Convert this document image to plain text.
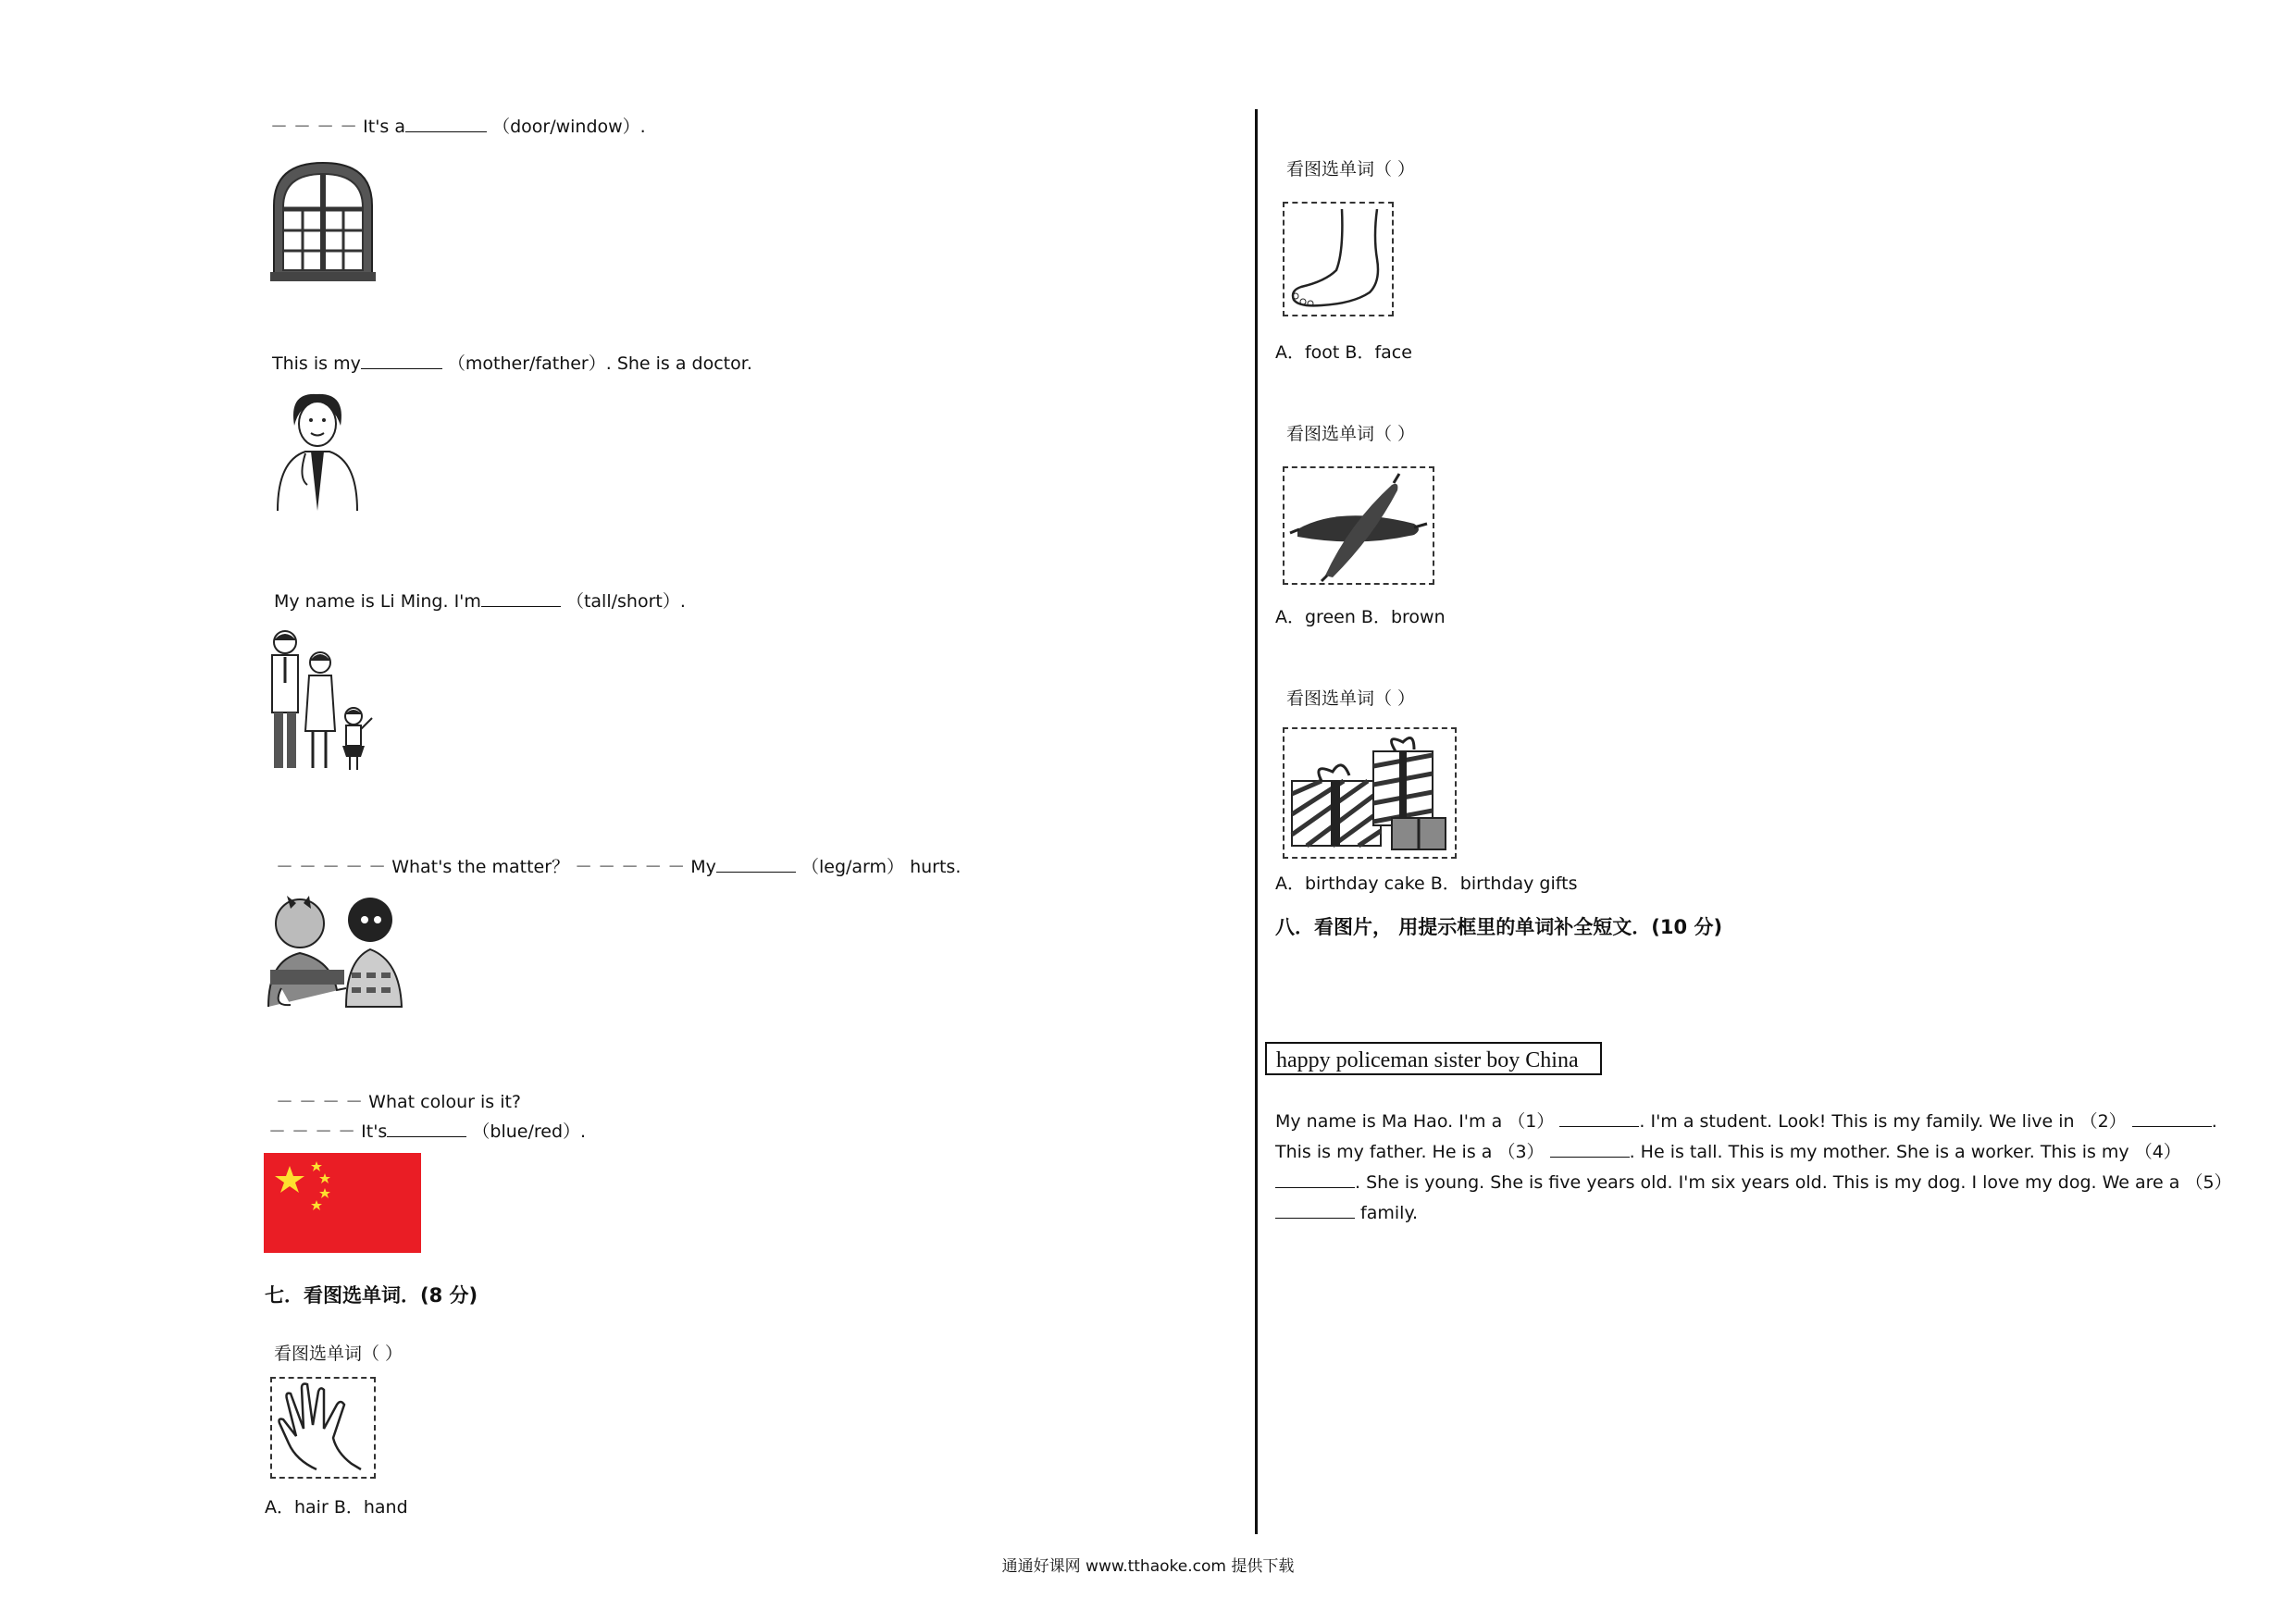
－ － － － It's a	（door/window）.
This is my	（mother/father）. She is a doctor.
My name is Li Ming. I'm	（tall/short）.
－ － － － － What's the matter？ － － － － － My	（leg/arm） hurts.
－ － － － What colour is it?
－ － － － It's	（blue/red）.
七．看图选单词．(8 分)
看图选单词（ ）
A．hair B．hand
看图选单词（ ）
A．foot B．face
看图选单词（ ）
A．green B．brown
看图选单词（ ）
A．birthday cake B．birthday gifts
八．看图片， 用提示框里的单词补全短文．(10 分)
happy policeman sister boy China
My name is Ma Hao. I'm a （1）	. I'm a student. Look! This is my family. We live in （2）	. This is my father. He is a （3）	. He is tall. This is my mother. She is a worker. This is my （4） . She is young. She is five years old. I'm six years old. This is my dog. I love my dog. We are a （5）  family.
通通好课网 www.tthaoke.com 提供下载
